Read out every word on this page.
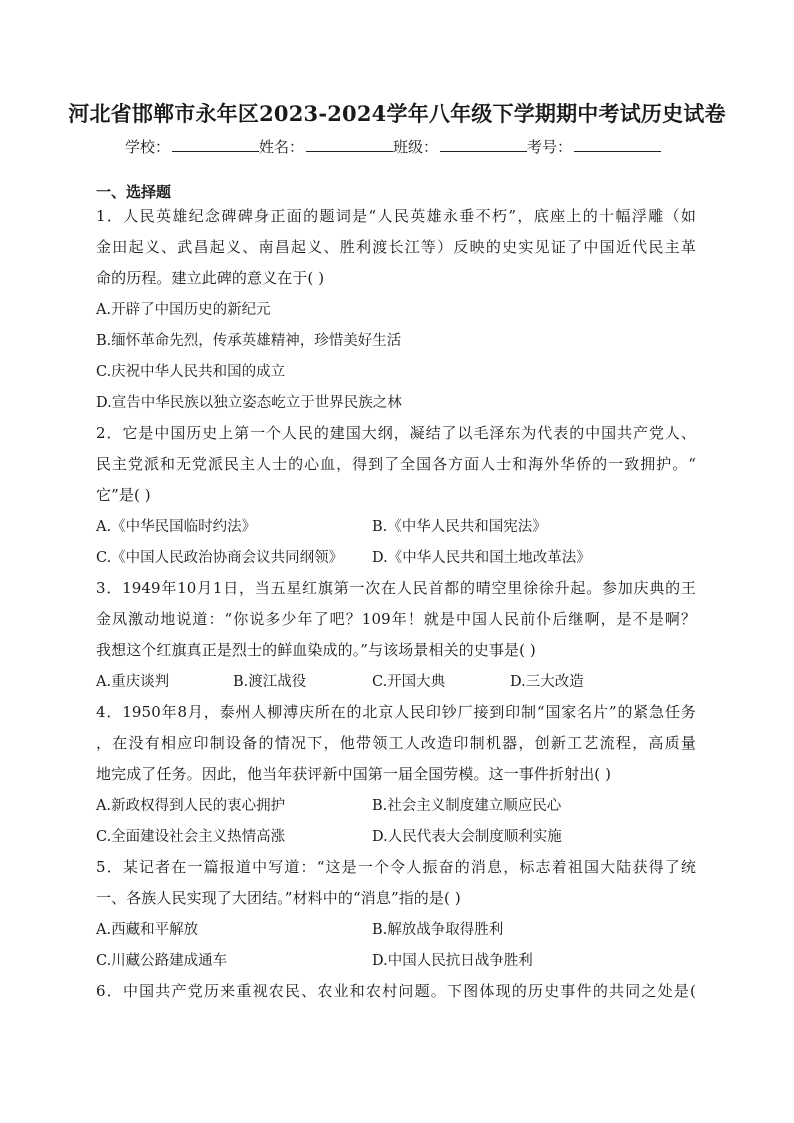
河北省邯郸市永年区2023-2024学年八年级下学期期中考试历史试卷
学校：	姓名：	班级：	考号：
一、选择题
1．人民英雄纪念碑碑身正面的题词是“人民英雄永垂不朽”，底座上的十幅浮雕（如
金田起义、武昌起义、南昌起义、胜利渡长江等）反映的史实见证了中国近代民主革
命的历程。建立此碑的意义在于( )
A.开辟了中国历史的新纪元
B.缅怀革命先烈，传承英雄精神，珍惜美好生活
C.庆祝中华人民共和国的成立
D.宣告中华民族以独立姿态屹立于世界民族之林
2．它是中国历史上第一个人民的建国大纲，凝结了以毛泽东为代表的中国共产党人、
民主党派和无党派民主人士的心血，得到了全国各方面人士和海外华侨的一致拥护。“
它”是( )
A.《中华民国临时约法》	B.《中华人民共和国宪法》
C.《中国人民政治协商会议共同纲领》 D.《中华人民共和国土地改革法》
3．1949年10月1日，当五星红旗第一次在人民首都的晴空里徐徐升起。参加庆典的王
金凤激动地说道：“你说多少年了吧？109年！就是中国人民前仆后继啊，是不是啊？
我想这个红旗真正是烈士的鲜血染成的。”与该场景相关的史事是( )
A.重庆谈判	B.渡江战役	C.开国大典	D.三大改造
4．1950年8月，泰州人柳溥庆所在的北京人民印钞厂接到印制“国家名片”的紧急任务
，在没有相应印制设备的情况下，他带领工人改造印制机器，创新工艺流程，高质量
地完成了任务。因此，他当年获评新中国第一届全国劳模。这一事件折射出( )
A.新政权得到人民的衷心拥护	B.社会主义制度建立顺应民心
C.全面建设社会主义热情高涨	D.人民代表大会制度顺利实施
5．某记者在一篇报道中写道：“这是一个令人振奋的消息，标志着祖国大陆获得了统
一、各族人民实现了大团结。”材料中的“消息”指的是( )
A.西藏和平解放	B.解放战争取得胜利
C.川藏公路建成通车	D.中国人民抗日战争胜利
6．中国共产党历来重视农民、农业和农村问题。下图体现的历史事件的共同之处是(
